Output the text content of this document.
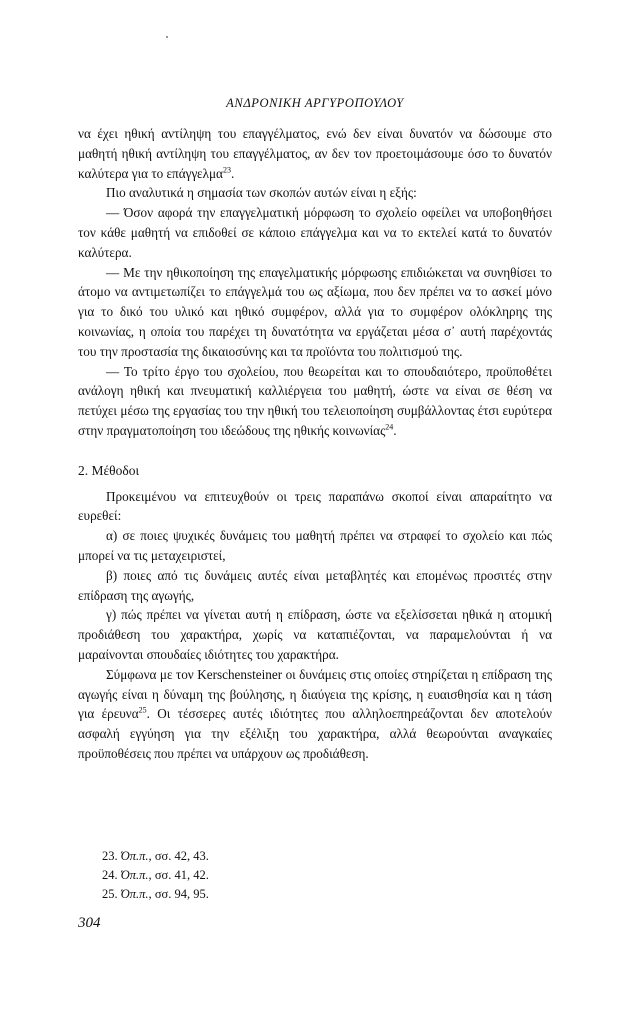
ΑΝΔΡΟΝΙΚΗ ΑΡΓΥΡΟΠΟΥΛΟΥ

να έχει ηθική αντίληψη του επαγγέλματος, ενώ δεν είναι δυνατόν να δώσουμε στο μαθητή ηθική αντίληψη του επαγγέλματος, αν δεν τον προετοιμάσουμε όσο το δυνατόν καλύτερα για το επάγγελμα$^{23}$.

Πιο αναλυτικά η σημασία των σκοπών αυτών είναι η εξής:

— Όσον αφορά την επαγγελματική μόρφωση το σχολείο οφείλει να υποβοηθήσει τον κάθε μαθητή να επιδοθεί σε κάποιο επάγγελμα και να το εκτελεί κατά το δυνατόν καλύτερα.

— Με την ηθικοποίηση της επαγελματικής μόρφωσης επιδιώκεται να συνηθίσει το άτομο να αντιμετωπίζει το επάγγελμά του ως αξίωμα, που δεν πρέπει να το ασκεί μόνο για το δικό του υλικό και ηθικό συμφέρον, αλλά για το συμφέρον ολόκληρης της κοινωνίας, η οποία του παρέχει τη δυνατότητα να εργάζεται μέσα σ᾽ αυτή παρέχοντάς του την προστασία της δικαιοσύνης και τα προϊόντα του πολιτισμού της.

— Το τρίτο έργο του σχολείου, που θεωρείται και το σπουδαιότερο, προϋποθέτει ανάλογη ηθική και πνευματική καλλιέργεια του μαθητή, ώστε να είναι σε θέση να πετύχει μέσω της εργασίας του την ηθική του τελειοποίηση συμβάλλοντας έτσι ευρύτερα στην πραγματοποίηση του ιδεώδους της ηθικής κοινωνίας$^{24}$.

2. Μέθοδοι

Προκειμένου να επιτευχθούν οι τρεις παραπάνω σκοποί είναι απαραίτητο να ευρεθεί:

α) σε ποιες ψυχικές δυνάμεις του μαθητή πρέπει να στραφεί το σχολείο και πώς μπορεί να τις μεταχειριστεί,

β) ποιες από τις δυνάμεις αυτές είναι μεταβλητές και επομένως προσιτές στην επίδραση της αγωγής,

γ) πώς πρέπει να γίνεται αυτή η επίδραση, ώστε να εξελίσσεται ηθικά η ατομική προδιάθεση του χαρακτήρα, χωρίς να καταπιέζονται, να παραμελούνται ή να μαραίνονται σπουδαίες ιδιότητες του χαρακτήρα.

Σύμφωνα με τον Kerschensteiner οι δυνάμεις στις οποίες στηρίζεται η επίδραση της αγωγής είναι η δύναμη της βούλησης, η διαύγεια της κρίσης, η ευαισθησία και η τάση για έρευνα$^{25}$. Οι τέσσερες αυτές ιδιότητες που αλληλοεπηρεάζονται δεν αποτελούν ασφαλή εγγύηση για την εξέλιξη του χαρακτήρα, αλλά θεωρούνται αναγκαίες προϋποθέσεις που πρέπει να υπάρχουν ως προδιάθεση.

23. Όπ.π., σσ. 42, 43.
24. Όπ.π., σσ. 41, 42.
25. Όπ.π., σσ. 94, 95.
304
